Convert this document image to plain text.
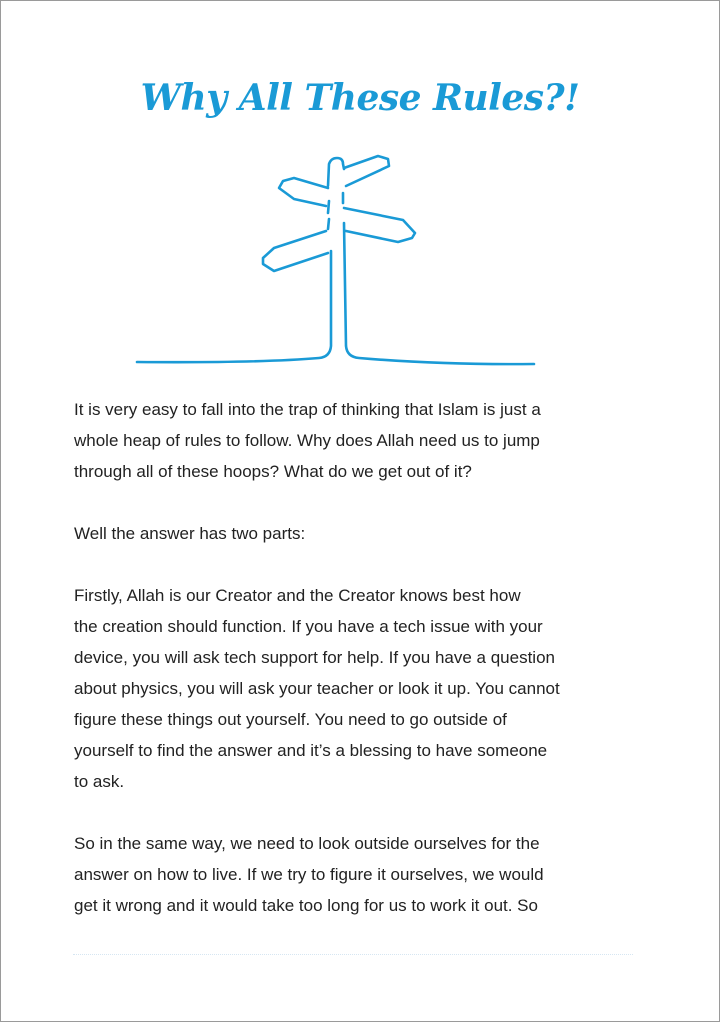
Why All These Rules?!

It is very easy to fall into the trap of thinking that Islam is just a
whole heap of rules to follow. Why does Allah need us to jump
through all of these hoops? What do we get out of it?

Well the answer has two parts:

Firstly, Allah is our Creator and the Creator knows best how
the creation should function. If you have a tech issue with your
device, you will ask tech support for help. If you have a question
about physics, you will ask your teacher or look it up. You cannot
figure these things out yourself. You need to go outside of
yourself to find the answer and it’s a blessing to have someone
to ask.

So in the same way, we need to look outside ourselves for the
answer on how to live. If we try to figure it ourselves, we would
get it wrong and it would take too long for us to work it out. So
